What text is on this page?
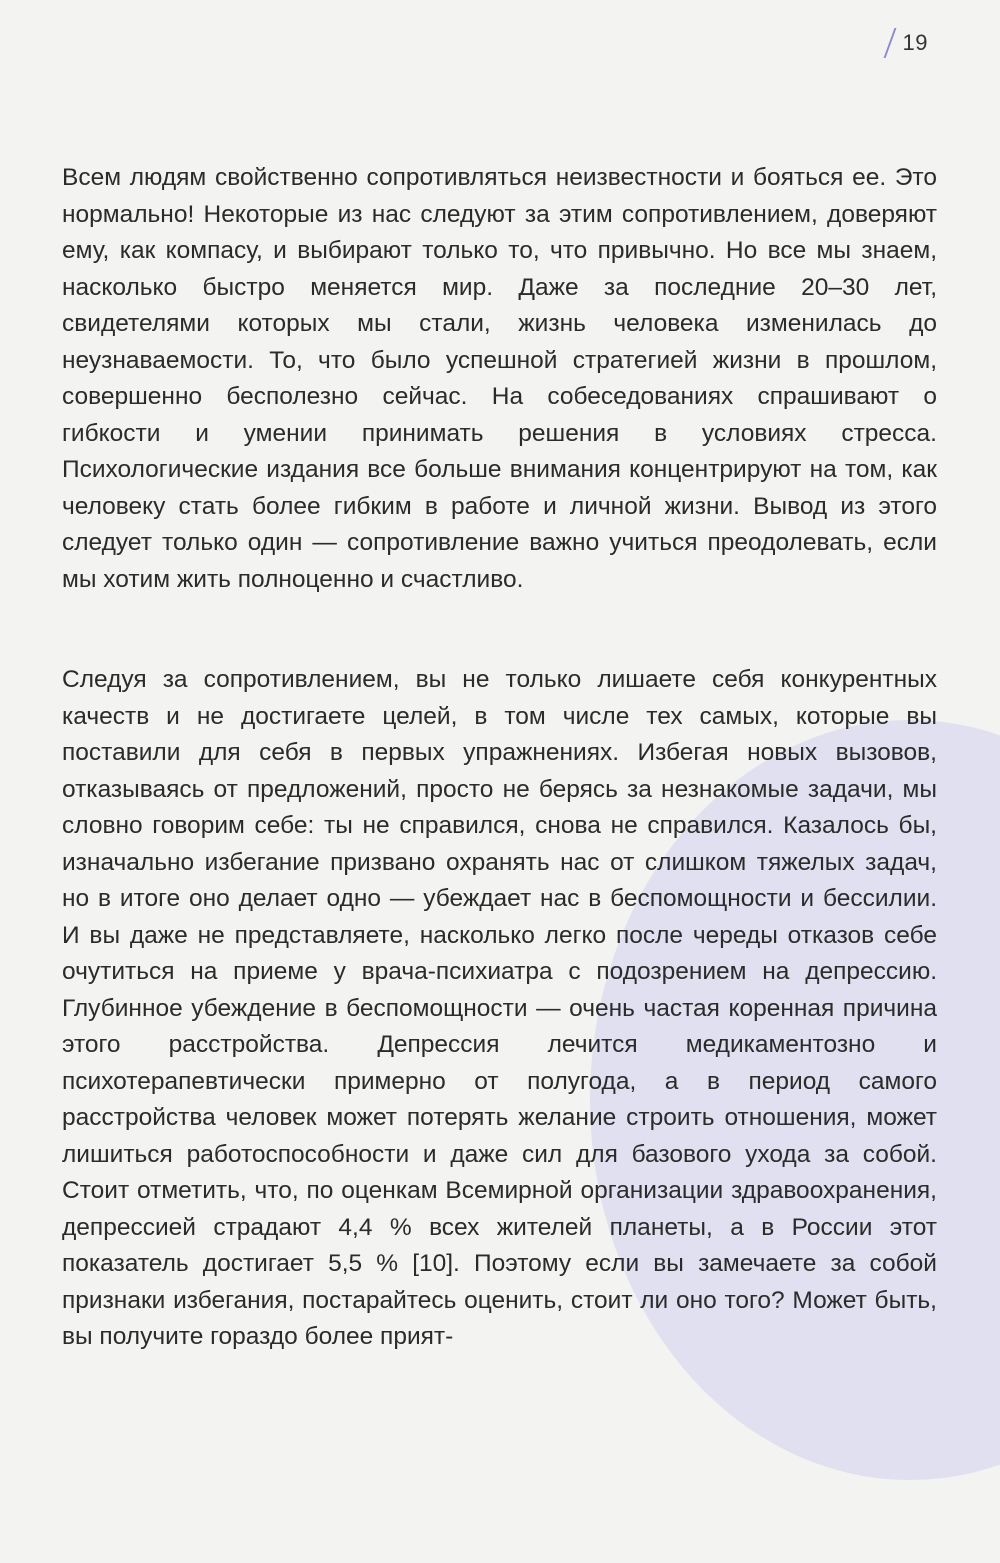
19

Всем людям свойственно сопротивляться неизвестности и бояться ее. Это нормально! Некоторые из нас следуют за этим сопротивлением, доверяют ему, как компасу, и выбирают только то, что привычно. Но все мы знаем, насколько быстро меняется мир. Даже за последние 20–30 лет, свидетелями которых мы стали, жизнь человека изменилась до неузнаваемости. То, что было успешной стратегией жизни в прошлом, совершенно бесполезно сейчас. На собеседованиях спрашивают о гибкости и умении принимать решения в условиях стресса. Психологические издания все больше внимания концентрируют на том, как человеку стать более гибким в работе и личной жизни. Вывод из этого следует только один — сопротивление важно учиться преодолевать, если мы хотим жить полноценно и счастливо.

Следуя за сопротивлением, вы не только лишаете себя конкурентных качеств и не достигаете целей, в том числе тех самых, которые вы поставили для себя в первых упражнениях. Избегая новых вызовов, отказываясь от предложений, просто не берясь за незнакомые задачи, мы словно говорим себе: ты не справился, снова не справился. Казалось бы, изначально избегание призвано охранять нас от слишком тяжелых задач, но в итоге оно делает одно — убеждает нас в беспомощности и бессилии. И вы даже не представляете, насколько легко после череды отказов себе очутиться на приеме у врача-психиатра с подозрением на депрессию. Глубинное убеждение в беспомощности — очень частая коренная причина этого расстройства. Депрессия лечится медикаментозно и психотерапевтически примерно от полугода, а в период самого расстройства человек может потерять желание строить отношения, может лишиться работоспособности и даже сил для базового ухода за собой. Стоит отметить, что, по оценкам Всемирной организации здравоохранения, депрессией страдают 4,4 % всех жителей планеты, а в России этот показатель достигает 5,5 % [10]. Поэтому если вы замечаете за собой признаки избегания, постарайтесь оценить, стоит ли оно того? Может быть, вы получите гораздо более прият-
